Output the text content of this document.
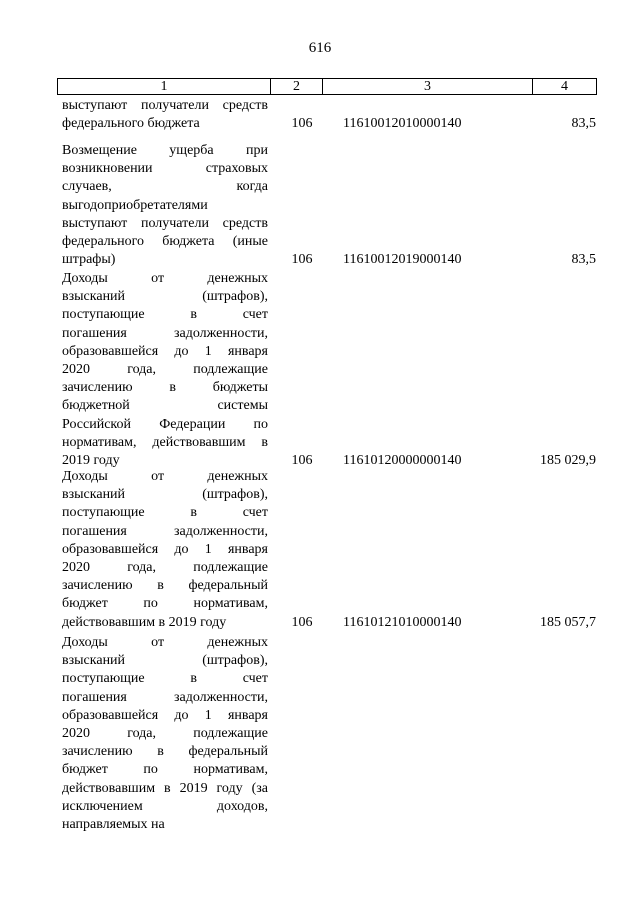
616
1	2	3	4
выступают получатели средств
федерального бюджета	106 11610012010000140	83,5
Возмещение ущерба при
возникновении страховых
случаев, когда
выгодоприобретателями
выступают получатели средств
федерального бюджета (иные
штрафы)	106 11610012019000140	83,5
Доходы от денежных
взысканий (штрафов),
поступающие в счет
погашения задолженности,
образовавшейся до 1 января
2020 года, подлежащие
зачислению в бюджеты
бюджетной системы
Российской Федерации по
нормативам, действовавшим в
2019 году	106 11610120000000140	185 029,9
Доходы от денежных
взысканий (штрафов),
поступающие в счет
погашения задолженности,
образовавшейся до 1 января
2020 года, подлежащие
зачислению в федеральный
бюджет по нормативам,
действовавшим в 2019 году	106 11610121010000140	185 057,7
Доходы от денежных
взысканий (штрафов),
поступающие в счет
погашения задолженности,
образовавшейся до 1 января
2020 года, подлежащие
зачислению в федеральный
бюджет по нормативам,
действовавшим в 2019 году (за
исключением доходов,
направляемых на
